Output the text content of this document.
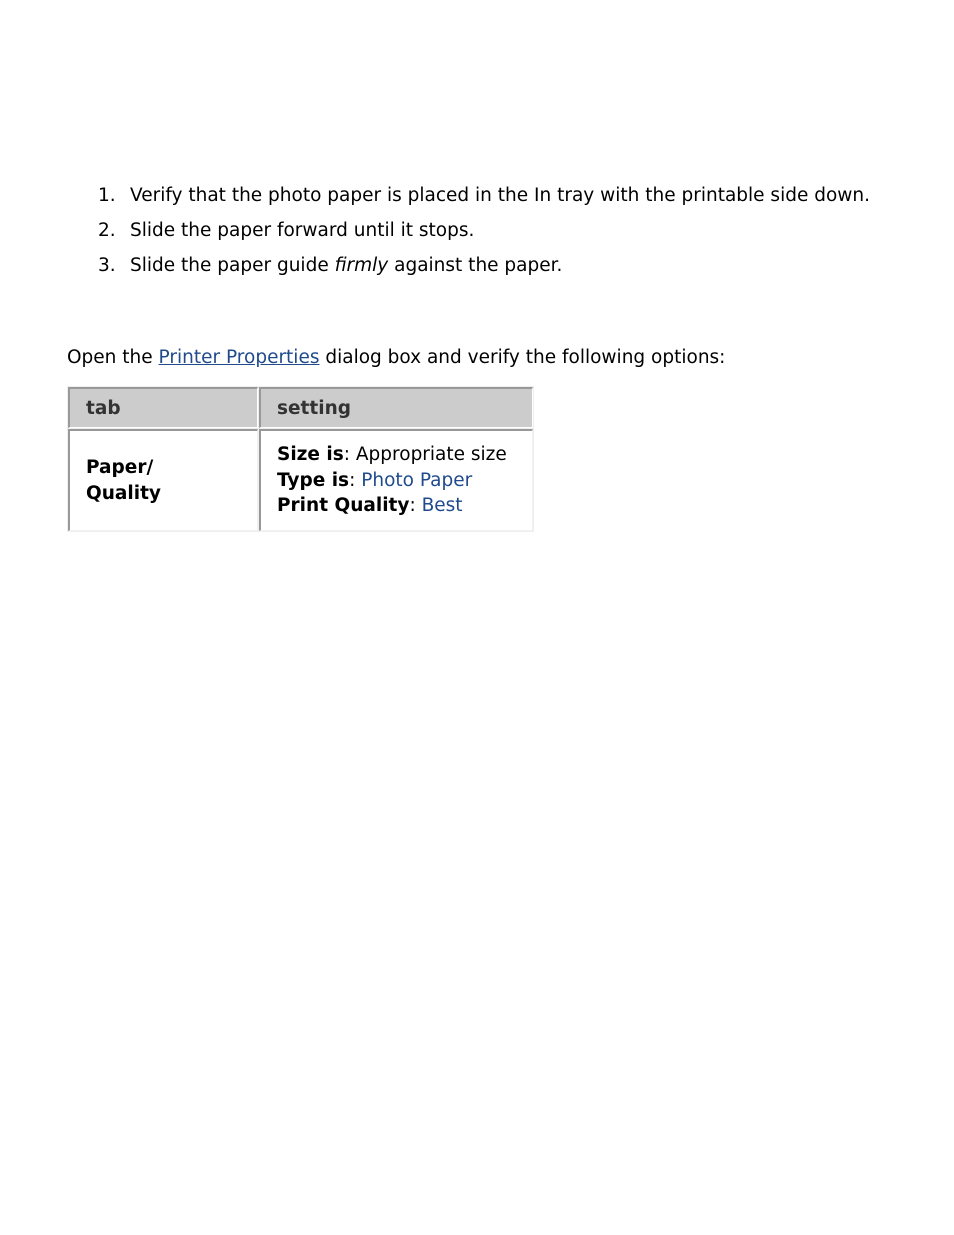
1. Verify that the photo paper is placed in the In tray with the printable side down.
2. Slide the paper forward until it stops.
3. Slide the paper guide firmly against the paper.

Open the Printer Properties dialog box and verify the following options:

tab	setting

Paper/
Quality	Size is: Appropriate size
Type is: Photo Paper
Print Quality: Best
